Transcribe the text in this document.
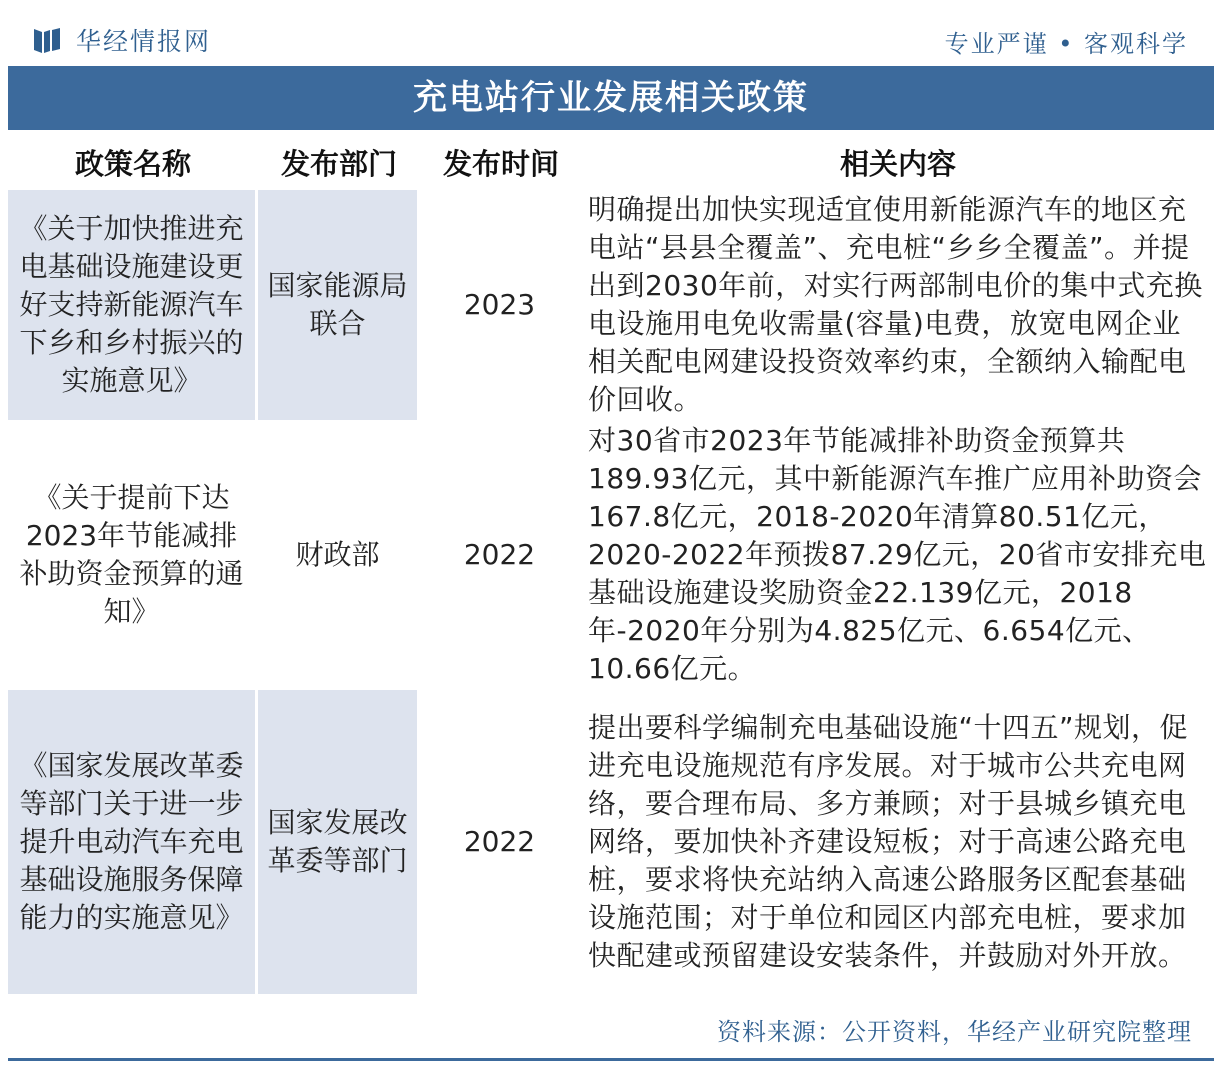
华经情报网	专业严谨 • 客观科学
充电站行业发展相关政策
政策名称	发布部门	发布时间	相关内容

《关于加快推进充电基础设施建设更好支持新能源汽车下乡和乡村振兴的实施意见》	国家能源局联合	2023	明确提出加快实现适宜使用新能源汽车的地区充电站“县县全覆盖”、充电桩“乡乡全覆盖”。并提出到2030年前，对实行两部制电价的集中式充换电设施用电免收需量(容量)电费，放宽电网企业相关配电网建设投资效率约束，全额纳入输配电价回收。

《关于提前下达2023年节能减排补助资金预算的通知》	财政部	2022	对30省市2023年节能减排补助资金预算共189.93亿元，其中新能源汽车推广应用补助资会167.8亿元，2018-2020年清算80.51亿元，2020-2022年预拨87.29亿元，20省市安排充电基础设施建设奖励资金22.139亿元，2018年-2020年分别为4.825亿元、6.654亿元、10.66亿元。

《国家发展改革委等部门关于进一步提升电动汽车充电基础设施服务保障能力的实施意见》	国家发展改革委等部门	2022	提出要科学编制充电基础设施“十四五”规划，促进充电设施规范有序发展。对于城市公共充电网络，要合理布局、多方兼顾；对于县城乡镇充电网络，要加快补齐建设短板；对于高速公路充电桩，要求将快充站纳入高速公路服务区配套基础设施范围；对于单位和园区内部充电桩，要求加快配建或预留建设安装条件，并鼓励对外开放。
资料来源：公开资料，华经产业研究院整理
